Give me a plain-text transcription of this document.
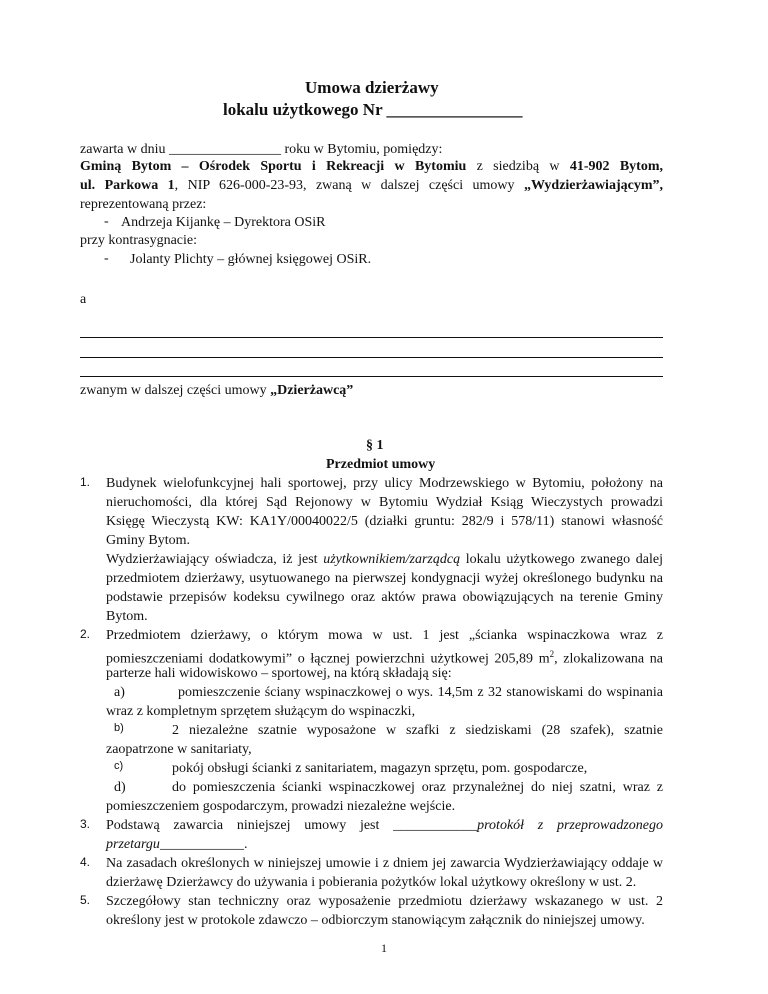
Umowa dzierżawy
lokalu użytkowego Nr ________________
zawarta w dniu ________________ roku w Bytomiu, pomiędzy:
Gminą Bytom – Ośrodek Sportu i Rekreacji w Bytomiu z siedzibą w 41-902 Bytom,
ul. Parkowa 1, NIP 626-000-23-93, zwaną w dalszej części umowy „Wydzierżawiającym”,
reprezentowaną przez:
- Andrzeja Kijankę – Dyrektora OSiR
przy kontrasygnacie:
- Jolanty Plichty – głównej księgowej OSiR.
a
zwanym w dalszej części umowy „Dzierżawcą”
§ 1
Przedmiot umowy
1. Budynek wielofunkcyjnej hali sportowej, przy ulicy Modrzewskiego w Bytomiu, położony na
nieruchomości, dla której Sąd Rejonowy w Bytomiu Wydział Ksiąg Wieczystych prowadzi
Księgę Wieczystą KW: KA1Y/00040022/5 (działki gruntu: 282/9 i 578/11) stanowi własność
Gminy Bytom.
Wydzierżawiający oświadcza, iż jest użytkownikiem/zarządcą lokalu użytkowego zwanego dalej
przedmiotem dzierżawy, usytuowanego na pierwszej kondygnacji wyżej określonego budynku na
podstawie przepisów kodeksu cywilnego oraz aktów prawa obowiązujących na terenie Gminy
Bytom.
2. Przedmiotem dzierżawy, o którym mowa w ust. 1 jest „ścianka wspinaczkowa wraz z
pomieszczeniami dodatkowymi” o łącznej powierzchni użytkowej 205,89 $m^2$, zlokalizowana na
parterze hali widowiskowo – sportowej, na którą składają się:
a)	pomieszczenie ściany wspinaczkowej o wys. 14,5m z 32 stanowiskami do wspinania
wraz z kompletnym sprzętem służącym do wspinaczki,
b)	2 niezależne szatnie wyposażone w szafki z siedziskami (28 szafek), szatnie
zaopatrzone w sanitariaty,
c)	pokój obsługi ścianki z sanitariatem, magazyn sprzętu, pom. gospodarcze,
d)	do pomieszczenia ścianki wspinaczkowej oraz przynależnej do niej szatni, wraz z
pomieszczeniem gospodarczym, prowadzi niezależne wejście.
3. Podstawą zawarcia niniejszej umowy jest ____________protokół z przeprowadzonego
przetargu____________.
4. Na zasadach określonych w niniejszej umowie i z dniem jej zawarcia Wydzierżawiający oddaje w
dzierżawę Dzierżawcy do używania i pobierania pożytków lokal użytkowy określony w ust. 2.
5. Szczegółowy stan techniczny oraz wyposażenie przedmiotu dzierżawy wskazanego w ust. 2
określony jest w protokole zdawczo – odbiorczym stanowiącym załącznik do niniejszej umowy.
1
